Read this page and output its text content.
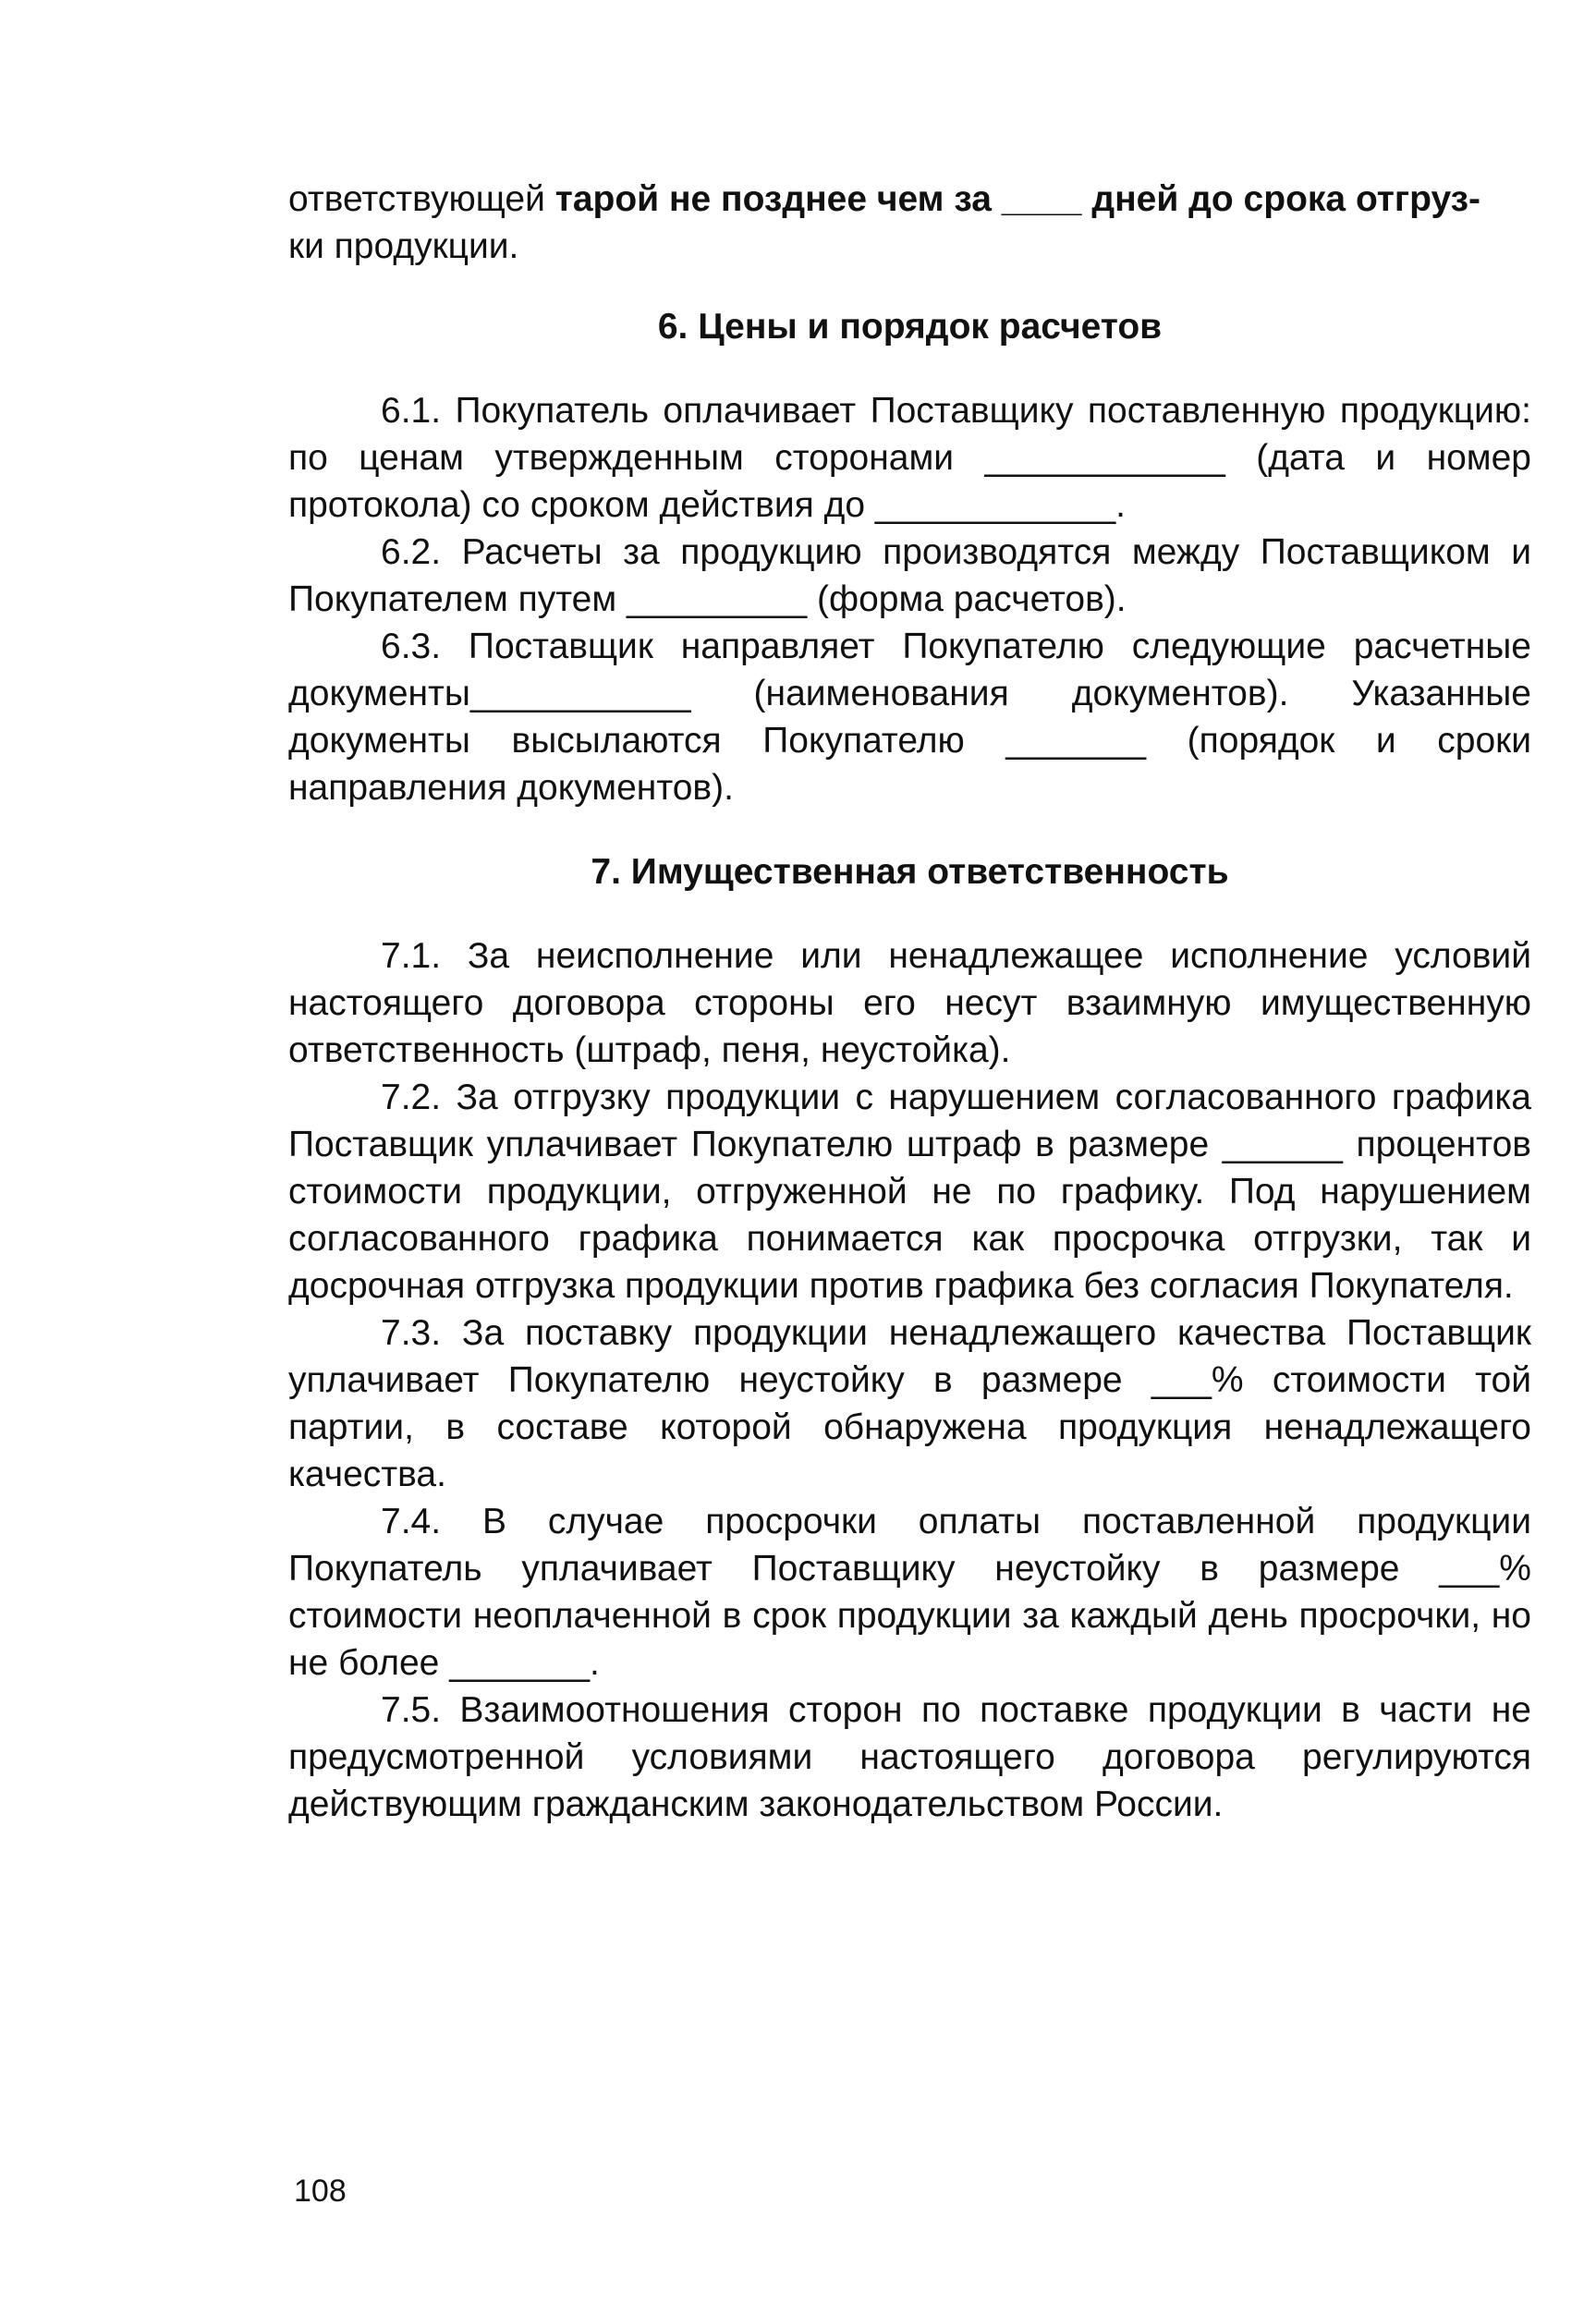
ответствующей тарой не позднее чем за ____ дней до срока отгруз-
ки продукции.

6. Цены и порядок расчетов

6.1. Покупатель оплачивает Поставщику поставленную продукцию: по ценам утвержденным сторонами ____________ (дата и номер протокола) со сроком действия до ____________.

6.2. Расчеты за продукцию производятся между Поставщиком и Покупателем путем _________ (форма расчетов).

6.3. Поставщик направляет Покупателю следующие расчетные документы___________ (наименования документов). Указанные документы высылаются Покупателю _______ (порядок и сроки направления документов).

7. Имущественная ответственность

7.1. За неисполнение или ненадлежащее исполнение условий настоящего договора стороны его несут взаимную имущественную ответственность (штраф, пеня, неустойка).

7.2. За отгрузку продукции с нарушением согласованного графика Поставщик уплачивает Покупателю штраф в размере ______ процентов стоимости продукции, отгруженной не по графику. Под нарушением согласованного графика понимается как просрочка отгрузки, так и досрочная отгрузка продукции против графика без согласия Покупателя.

7.3. За поставку продукции ненадлежащего качества Поставщик уплачивает Покупателю неустойку в размере ___% стоимости той партии, в составе которой обнаружена продукция ненадлежащего качества.

7.4. В случае просрочки оплаты поставленной продукции Покупатель уплачивает Поставщику неустойку в размере ___% стоимости неоплаченной в срок продукции за каждый день просрочки, но не более _______.

7.5. Взаимоотношения сторон по поставке продукции в части не предусмотренной условиями настоящего договора регулируются действующим гражданским законодательством России.

108
